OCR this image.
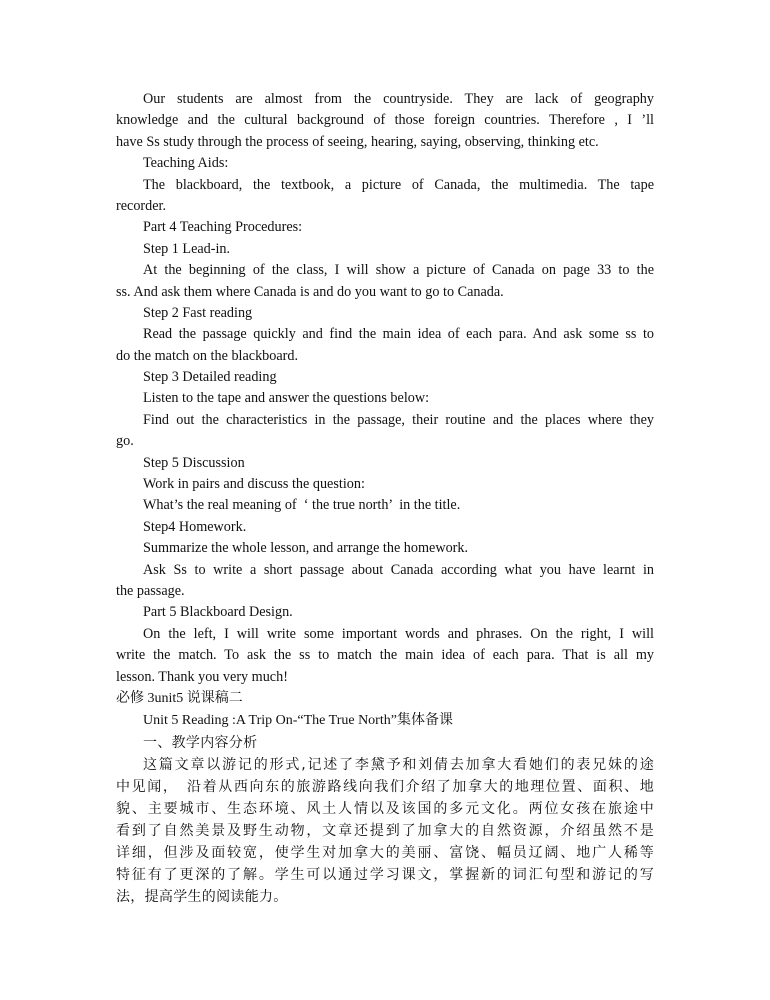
Our students are almost from the countryside. They are lack of geography
knowledge and the cultural background of those foreign countries. Therefore , I ’ll
have Ss study through the process of seeing, hearing, saying, observing, thinking etc.
Teaching Aids:
The blackboard, the textbook, a picture of Canada, the multimedia. The tape
recorder.
Part 4 Teaching Procedures:
Step 1 Lead-in.
At the beginning of the class, I will show a picture of Canada on page 33 to the
ss. And ask them where Canada is and do you want to go to Canada.
Step 2 Fast reading
Read the passage quickly and find the main idea of each para. And ask some ss to
do the match on the blackboard.
Step 3 Detailed reading
Listen to the tape and answer the questions below:
Find out the characteristics in the passage, their routine and the places where they
go.
Step 5 Discussion
Work in pairs and discuss the question:
What’s the real meaning of  ‘ the true north’  in the title.
Step4 Homework.
Summarize the whole lesson, and arrange the homework.
Ask Ss to write a short passage about Canada according what you have learnt in
the passage.
Part 5 Blackboard Design.
On the left, I will write some important words and phrases. On the right, I will
write the match. To ask the ss to match the main idea of each para. That is all my
lesson. Thank you very much!
必修 3unit5 说课稿二
Unit 5 Reading :A Trip On-“The True North”集体备课
一、教学内容分析
这篇文章以游记的形式,记述了李黛予和刘倩去加拿大看她们的表兄妹的途
中见闻，　沿着从西向东的旅游路线向我们介绍了加拿大的地理位置、面积、地
貌、主要城市、生态环境、风土人情以及该国的多元文化。两位女孩在旅途中
看到了自然美景及野生动物，文章还提到了加拿大的自然资源，介绍虽然不是
详细，但涉及面较宽，使学生对加拿大的美丽、富饶、幅员辽阔、地广人稀等
特征有了更深的了解。学生可以通过学习课文，掌握新的词汇句型和游记的写
法，提高学生的阅读能力。
